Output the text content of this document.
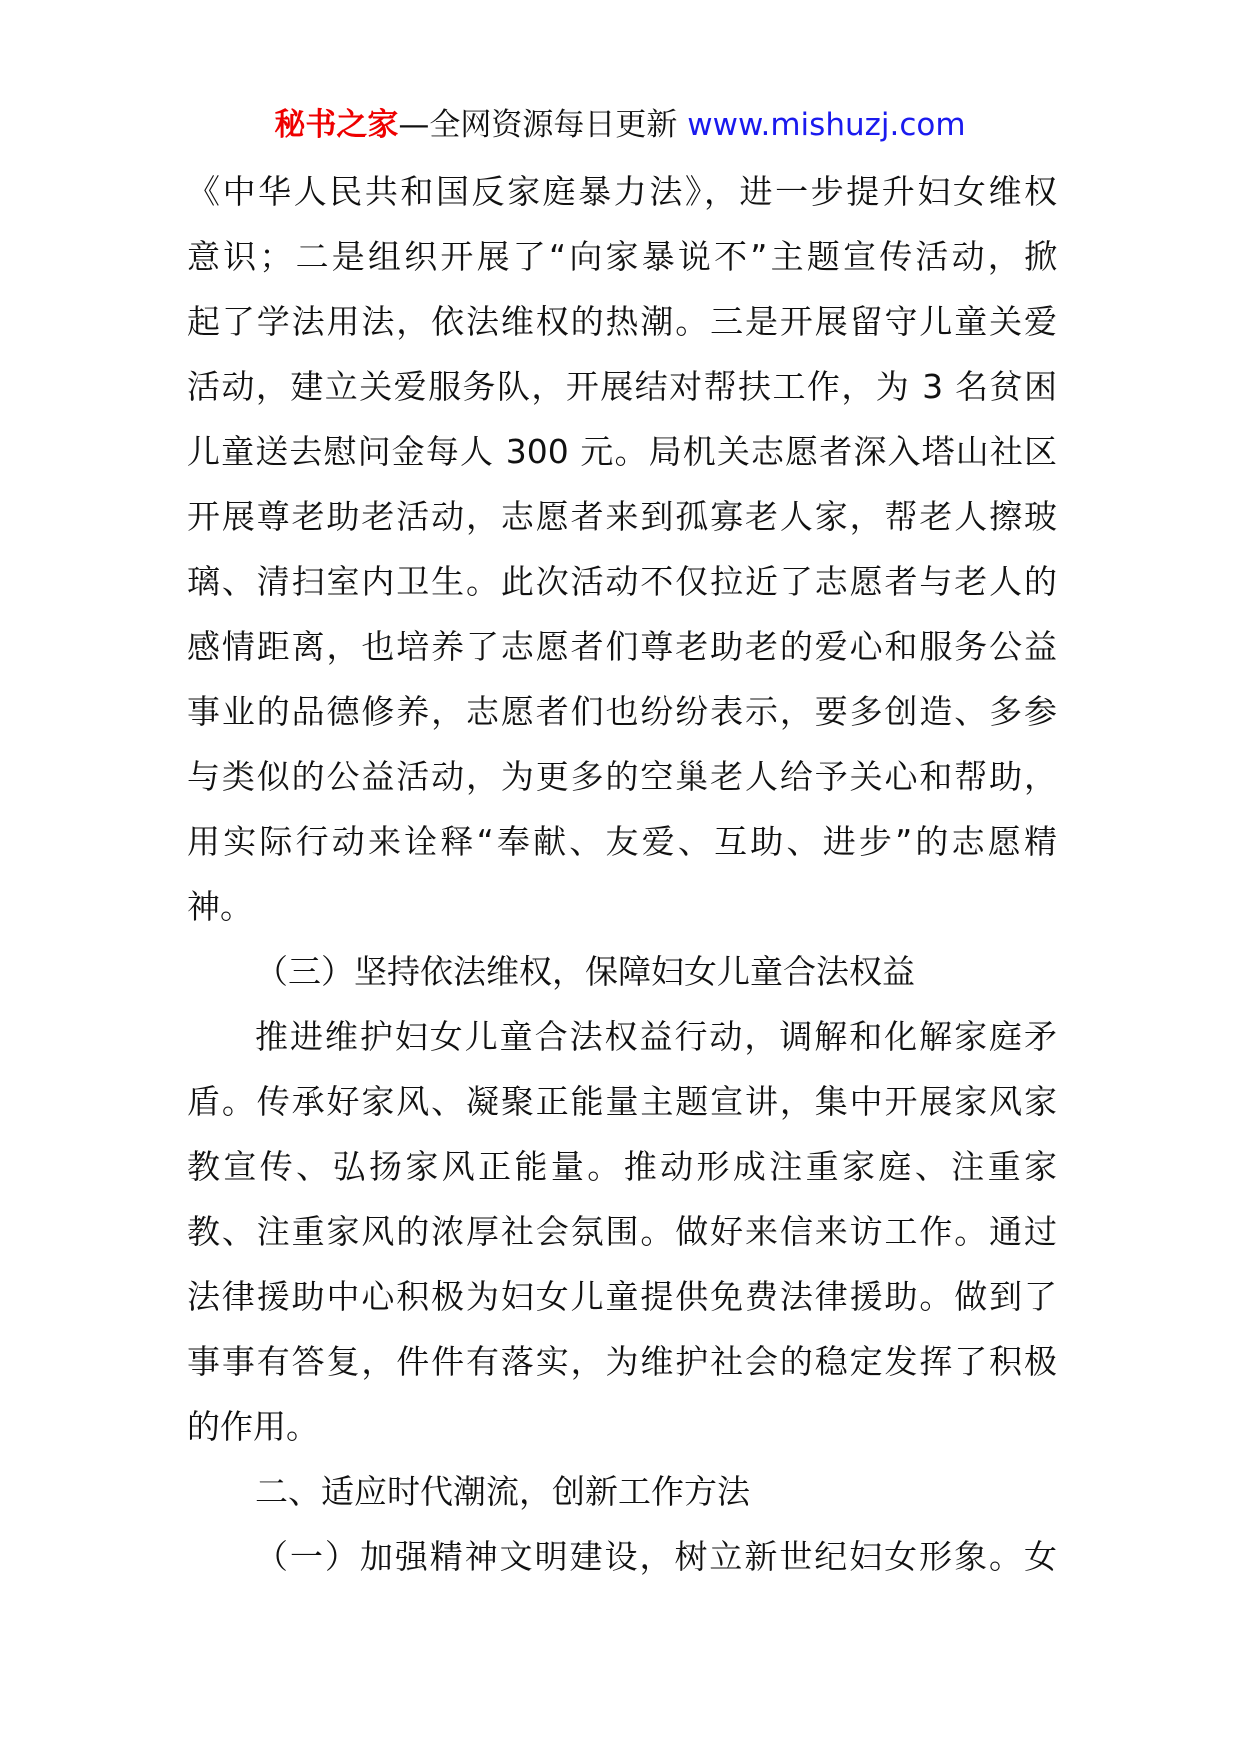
秘书之家—全网资源每日更新 www.mishuzj.com
《中华人民共和国反家庭暴力法》，进一步提升妇女维权
意识；二是组织开展了“向家暴说不”主题宣传活动，掀
起了学法用法，依法维权的热潮。三是开展留守儿童关爱
活动，建立关爱服务队，开展结对帮扶工作，为 3 名贫困
儿童送去慰问金每人 300 元。局机关志愿者深入塔山社区
开展尊老助老活动，志愿者来到孤寡老人家，帮老人擦玻
璃、清扫室内卫生。此次活动不仅拉近了志愿者与老人的
感情距离，也培养了志愿者们尊老助老的爱心和服务公益
事业的品德修养，志愿者们也纷纷表示，要多创造、多参
与类似的公益活动，为更多的空巢老人给予关心和帮助，
用实际行动来诠释“奉献、友爱、互助、进步”的志愿精
神。
（三）坚持依法维权，保障妇女儿童合法权益
推进维护妇女儿童合法权益行动，调解和化解家庭矛
盾。传承好家风、凝聚正能量主题宣讲，集中开展家风家
教宣传、弘扬家风正能量。推动形成注重家庭、注重家
教、注重家风的浓厚社会氛围。做好来信来访工作。通过
法律援助中心积极为妇女儿童提供免费法律援助。做到了
事事有答复，件件有落实，为维护社会的稳定发挥了积极
的作用。
二、适应时代潮流，创新工作方法
（一）加强精神文明建设，树立新世纪妇女形象。女
